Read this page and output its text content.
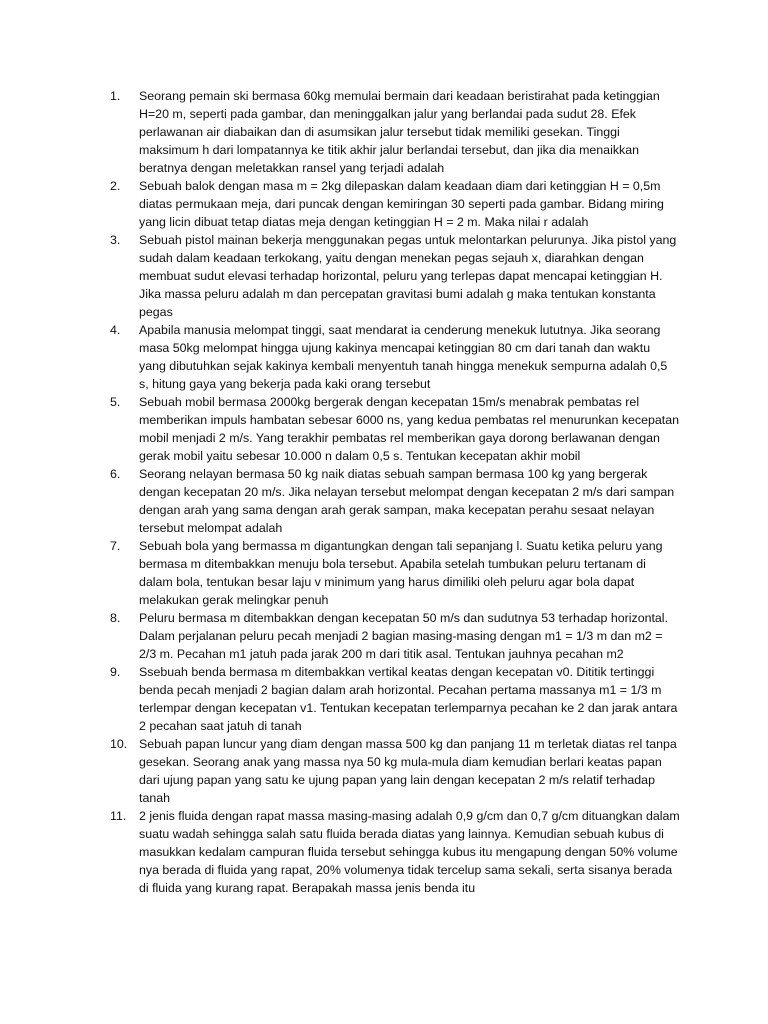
1.	Seorang pemain ski bermasa 60kg memulai bermain dari keadaan beristirahat pada ketinggian H=20 m, seperti pada gambar, dan meninggalkan jalur yang berlandai pada sudut 28. Efek perlawanan air diabaikan dan di asumsikan jalur tersebut tidak memiliki gesekan. Tinggi maksimum h dari lompatannya ke titik akhir jalur berlandai tersebut, dan jika dia menaikkan beratnya dengan meletakkan ransel yang terjadi adalah
2.	Sebuah balok dengan masa m = 2kg dilepaskan dalam keadaan diam dari ketinggian H = 0,5m diatas permukaan meja, dari puncak dengan kemiringan 30 seperti pada gambar. Bidang miring yang licin dibuat tetap diatas meja dengan ketinggian H = 2 m. Maka nilai r adalah
3.	Sebuah pistol mainan bekerja menggunakan pegas untuk melontarkan pelurunya. Jika pistol yang sudah dalam keadaan terkokang, yaitu dengan menekan pegas sejauh x, diarahkan dengan membuat sudut elevasi terhadap horizontal, peluru yang terlepas dapat mencapai ketinggian H. Jika massa peluru adalah m dan percepatan gravitasi bumi adalah g maka tentukan konstanta pegas
4.	Apabila manusia melompat tinggi, saat mendarat ia cenderung menekuk lututnya. Jika seorang masa 50kg melompat hingga ujung kakinya mencapai ketinggian 80 cm dari tanah dan waktu yang dibutuhkan sejak kakinya kembali menyentuh tanah hingga menekuk sempurna adalah 0,5 s, hitung gaya yang bekerja pada kaki orang tersebut
5.	Sebuah mobil bermasa 2000kg bergerak dengan kecepatan 15m/s menabrak pembatas rel memberikan impuls hambatan sebesar 6000 ns, yang kedua pembatas rel menurunkan kecepatan mobil menjadi 2 m/s. Yang terakhir pembatas rel memberikan gaya dorong berlawanan dengan gerak mobil yaitu sebesar 10.000 n dalam 0,5 s. Tentukan kecepatan akhir mobil
6.	Seorang nelayan bermasa 50 kg naik diatas sebuah sampan bermasa 100 kg yang bergerak dengan kecepatan 20 m/s. Jika nelayan tersebut melompat dengan kecepatan 2 m/s dari sampan dengan arah yang sama dengan arah gerak sampan, maka kecepatan perahu sesaat nelayan tersebut melompat adalah
7.	Sebuah bola yang bermassa m digantungkan dengan tali sepanjang l. Suatu ketika peluru yang bermasa m ditembakkan menuju bola tersebut. Apabila setelah tumbukan peluru tertanam di dalam bola, tentukan besar laju v minimum yang harus dimiliki oleh peluru agar bola dapat melakukan gerak melingkar penuh
8.	Peluru bermasa m ditembakkan dengan kecepatan 50 m/s dan sudutnya 53 terhadap horizontal. Dalam perjalanan peluru pecah menjadi 2 bagian masing-masing dengan m1 = 1/3 m dan m2 = 2/3 m. Pecahan m1 jatuh pada jarak 200 m dari titik asal. Tentukan jauhnya pecahan m2
9.	Ssebuah benda bermasa m ditembakkan vertikal keatas dengan kecepatan v0. Dititik tertinggi benda pecah menjadi 2 bagian dalam arah horizontal. Pecahan pertama massanya m1 = 1/3 m terlempar dengan kecepatan v1. Tentukan kecepatan terlemparnya pecahan ke 2 dan jarak antara 2 pecahan saat jatuh di tanah
10. Sebuah papan luncur yang diam dengan massa 500 kg dan panjang 11 m terletak diatas rel tanpa gesekan. Seorang anak yang massa nya 50 kg mula-mula diam kemudian berlari keatas papan dari ujung papan yang satu ke ujung papan yang lain dengan kecepatan 2 m/s relatif terhadap tanah
11.	2 jenis fluida dengan rapat massa masing-masing adalah 0,9 g/cm dan 0,7 g/cm dituangkan dalam suatu wadah sehingga salah satu fluida berada diatas yang lainnya. Kemudian sebuah kubus di masukkan kedalam campuran fluida tersebut sehingga kubus itu mengapung dengan 50% volume nya berada di fluida yang rapat, 20% volumenya tidak tercelup sama sekali, serta sisanya berada di fluida yang kurang rapat. Berapakah massa jenis benda itu
